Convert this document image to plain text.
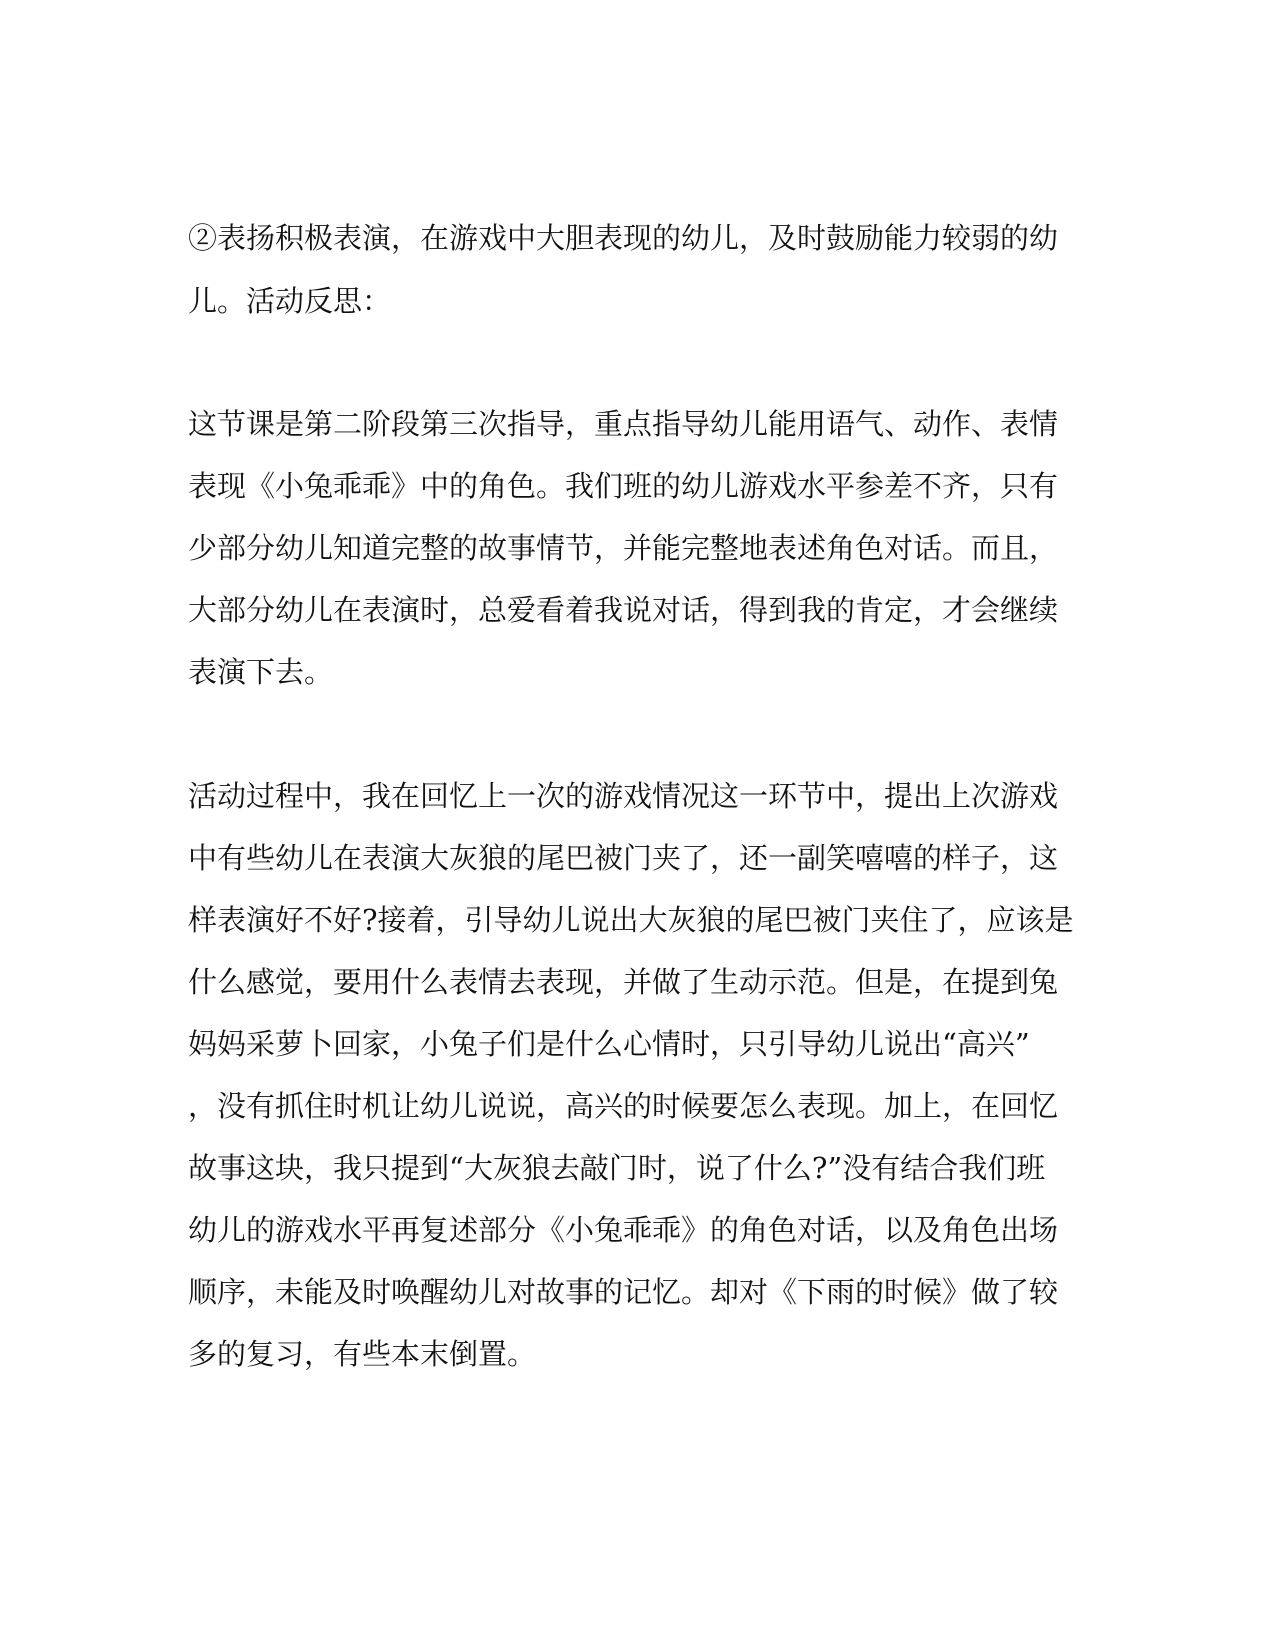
②表扬积极表演，在游戏中大胆表现的幼儿，及时鼓励能力较弱的幼
儿。活动反思：
这节课是第二阶段第三次指导，重点指导幼儿能用语气、动作、表情
表现《小兔乖乖》中的角色。我们班的幼儿游戏水平参差不齐，只有
少部分幼儿知道完整的故事情节，并能完整地表述角色对话。而且，
大部分幼儿在表演时，总爱看着我说对话，得到我的肯定，才会继续
表演下去。
活动过程中，我在回忆上一次的游戏情况这一环节中，提出上次游戏
中有些幼儿在表演大灰狼的尾巴被门夹了，还一副笑嘻嘻的样子，这
样表演好不好?接着，引导幼儿说出大灰狼的尾巴被门夹住了，应该是
什么感觉，要用什么表情去表现，并做了生动示范。但是，在提到兔
妈妈采萝卜回家，小兔子们是什么心情时，只引导幼儿说出“高兴”
，没有抓住时机让幼儿说说，高兴的时候要怎么表现。加上，在回忆
故事这块，我只提到“大灰狼去敲门时，说了什么?”没有结合我们班
幼儿的游戏水平再复述部分《小兔乖乖》的角色对话，以及角色出场
顺序，未能及时唤醒幼儿对故事的记忆。却对《下雨的时候》做了较
多的复习，有些本末倒置。
